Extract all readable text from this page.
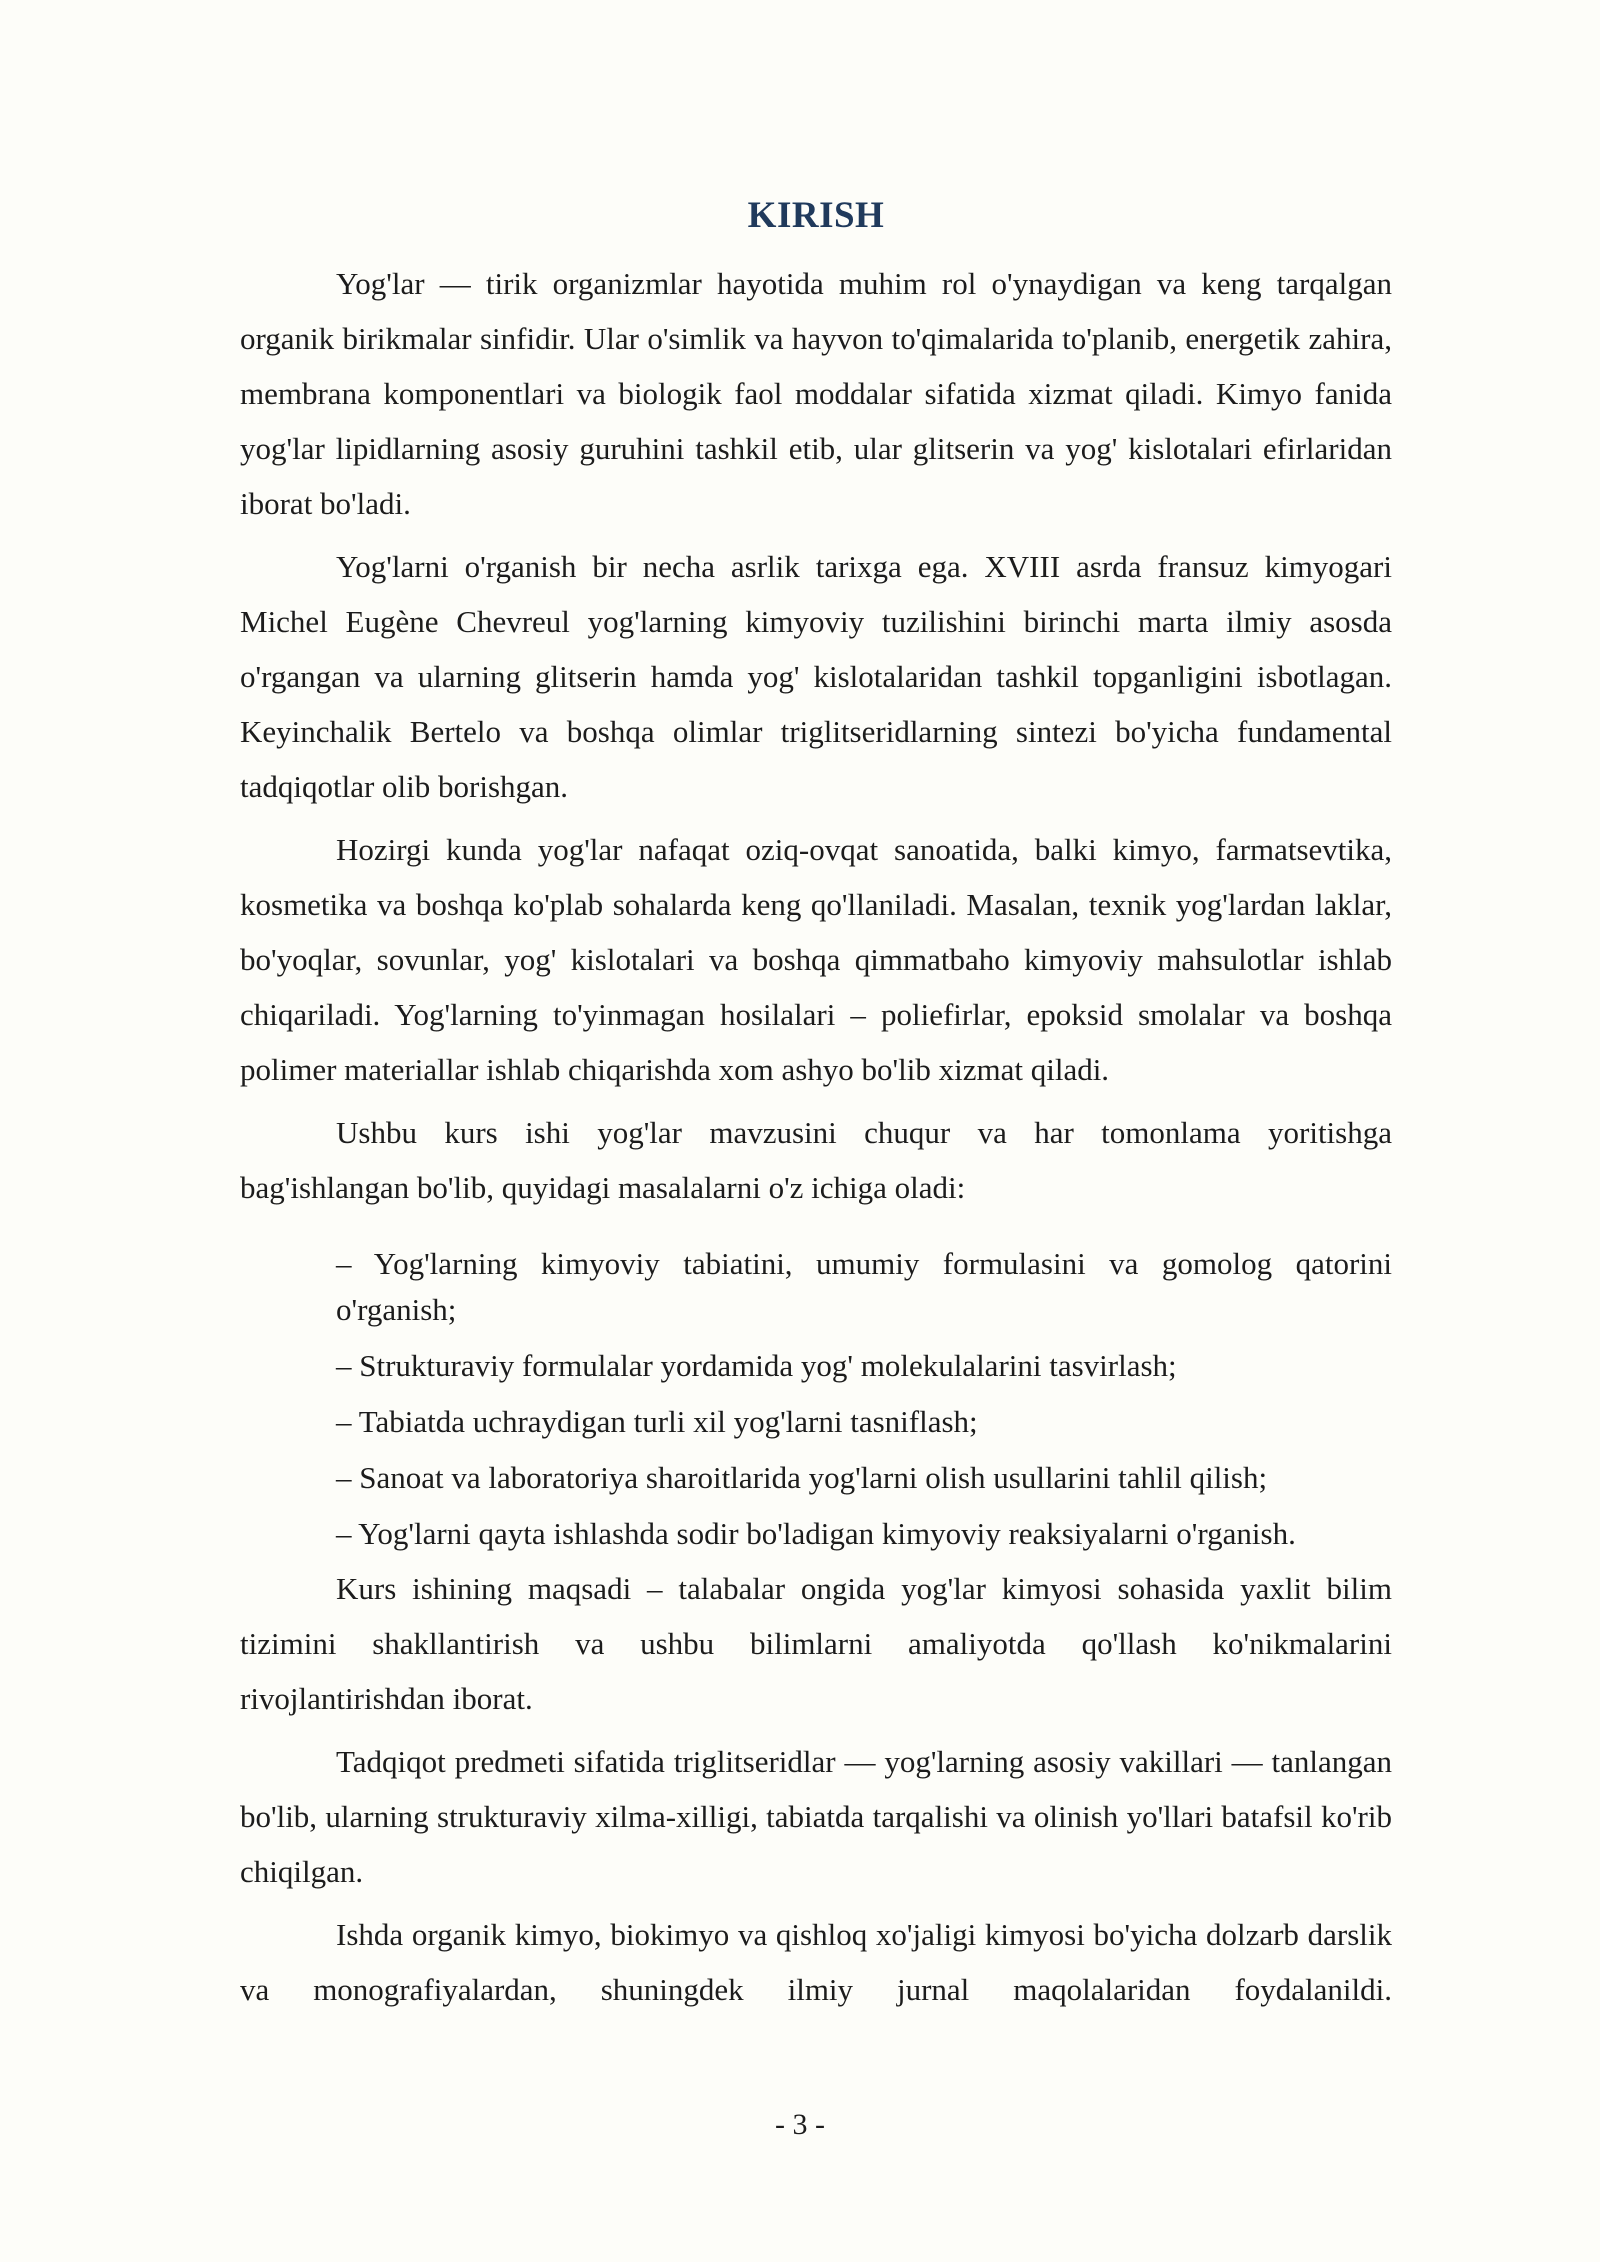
KIRISH

Yog'lar — tirik organizmlar hayotida muhim rol o'ynaydigan va keng tarqalgan organik birikmalar sinfidir. Ular o'simlik va hayvon to'qimalarida to'planib, energetik zahira, membrana komponentlari va biologik faol moddalar sifatida xizmat qiladi. Kimyo fanida yog'lar lipidlarning asosiy guruhini tashkil etib, ular glitserin va yog' kislotalari efirlaridan iborat bo'ladi.

Yog'larni o'rganish bir necha asrlik tarixga ega. XVIII asrda fransuz kimyogari Michel Eugène Chevreul yog'larning kimyoviy tuzilishini birinchi marta ilmiy asosda o'rgangan va ularning glitserin hamda yog' kislotalaridan tashkil topganligini isbotlagan. Keyinchalik Bertelo va boshqa olimlar triglitseridlarning sintezi bo'yicha fundamental tadqiqotlar olib borishgan.

Hozirgi kunda yog'lar nafaqat oziq-ovqat sanoatida, balki kimyo, farmatsevtika, kosmetika va boshqa ko'plab sohalarda keng qo'llaniladi. Masalan, texnik yog'lardan laklar, bo'yoqlar, sovunlar, yog' kislotalari va boshqa qimmatbaho kimyoviy mahsulotlar ishlab chiqariladi. Yog'larning to'yinmagan hosilalari – poliefirlar, epoksid smolalar va boshqa polimer materiallar ishlab chiqarishda xom ashyo bo'lib xizmat qiladi.

Ushbu kurs ishi yog'lar mavzusini chuqur va har tomonlama yoritishga bag'ishlangan bo'lib, quyidagi masalalarni o'z ichiga oladi:

– Yog'larning kimyoviy tabiatini, umumiy formulasini va gomolog qatorini o'rganish;
– Strukturaviy formulalar yordamida yog' molekulalarini tasvirlash;
– Tabiatda uchraydigan turli xil yog'larni tasniflash;
– Sanoat va laboratoriya sharoitlarida yog'larni olish usullarini tahlil qilish;
– Yog'larni qayta ishlashda sodir bo'ladigan kimyoviy reaksiyalarni o'rganish.

Kurs ishining maqsadi – talabalar ongida yog'lar kimyosi sohasida yaxlit bilim tizimini shakllantirish va ushbu bilimlarni amaliyotda qo'llash ko'nikmalarini rivojlantirishdan iborat.

Tadqiqot predmeti sifatida triglitseridlar — yog'larning asosiy vakillari — tanlangan bo'lib, ularning strukturaviy xilma-xilligi, tabiatda tarqalishi va olinish yo'llari batafsil ko'rib chiqilgan.

Ishda organik kimyo, biokimyo va qishloq xo'jaligi kimyosi bo'yicha dolzarb darslik va monografiyalardan, shuningdek ilmiy jurnal maqolalaridan foydalanildi.

- 3 -
